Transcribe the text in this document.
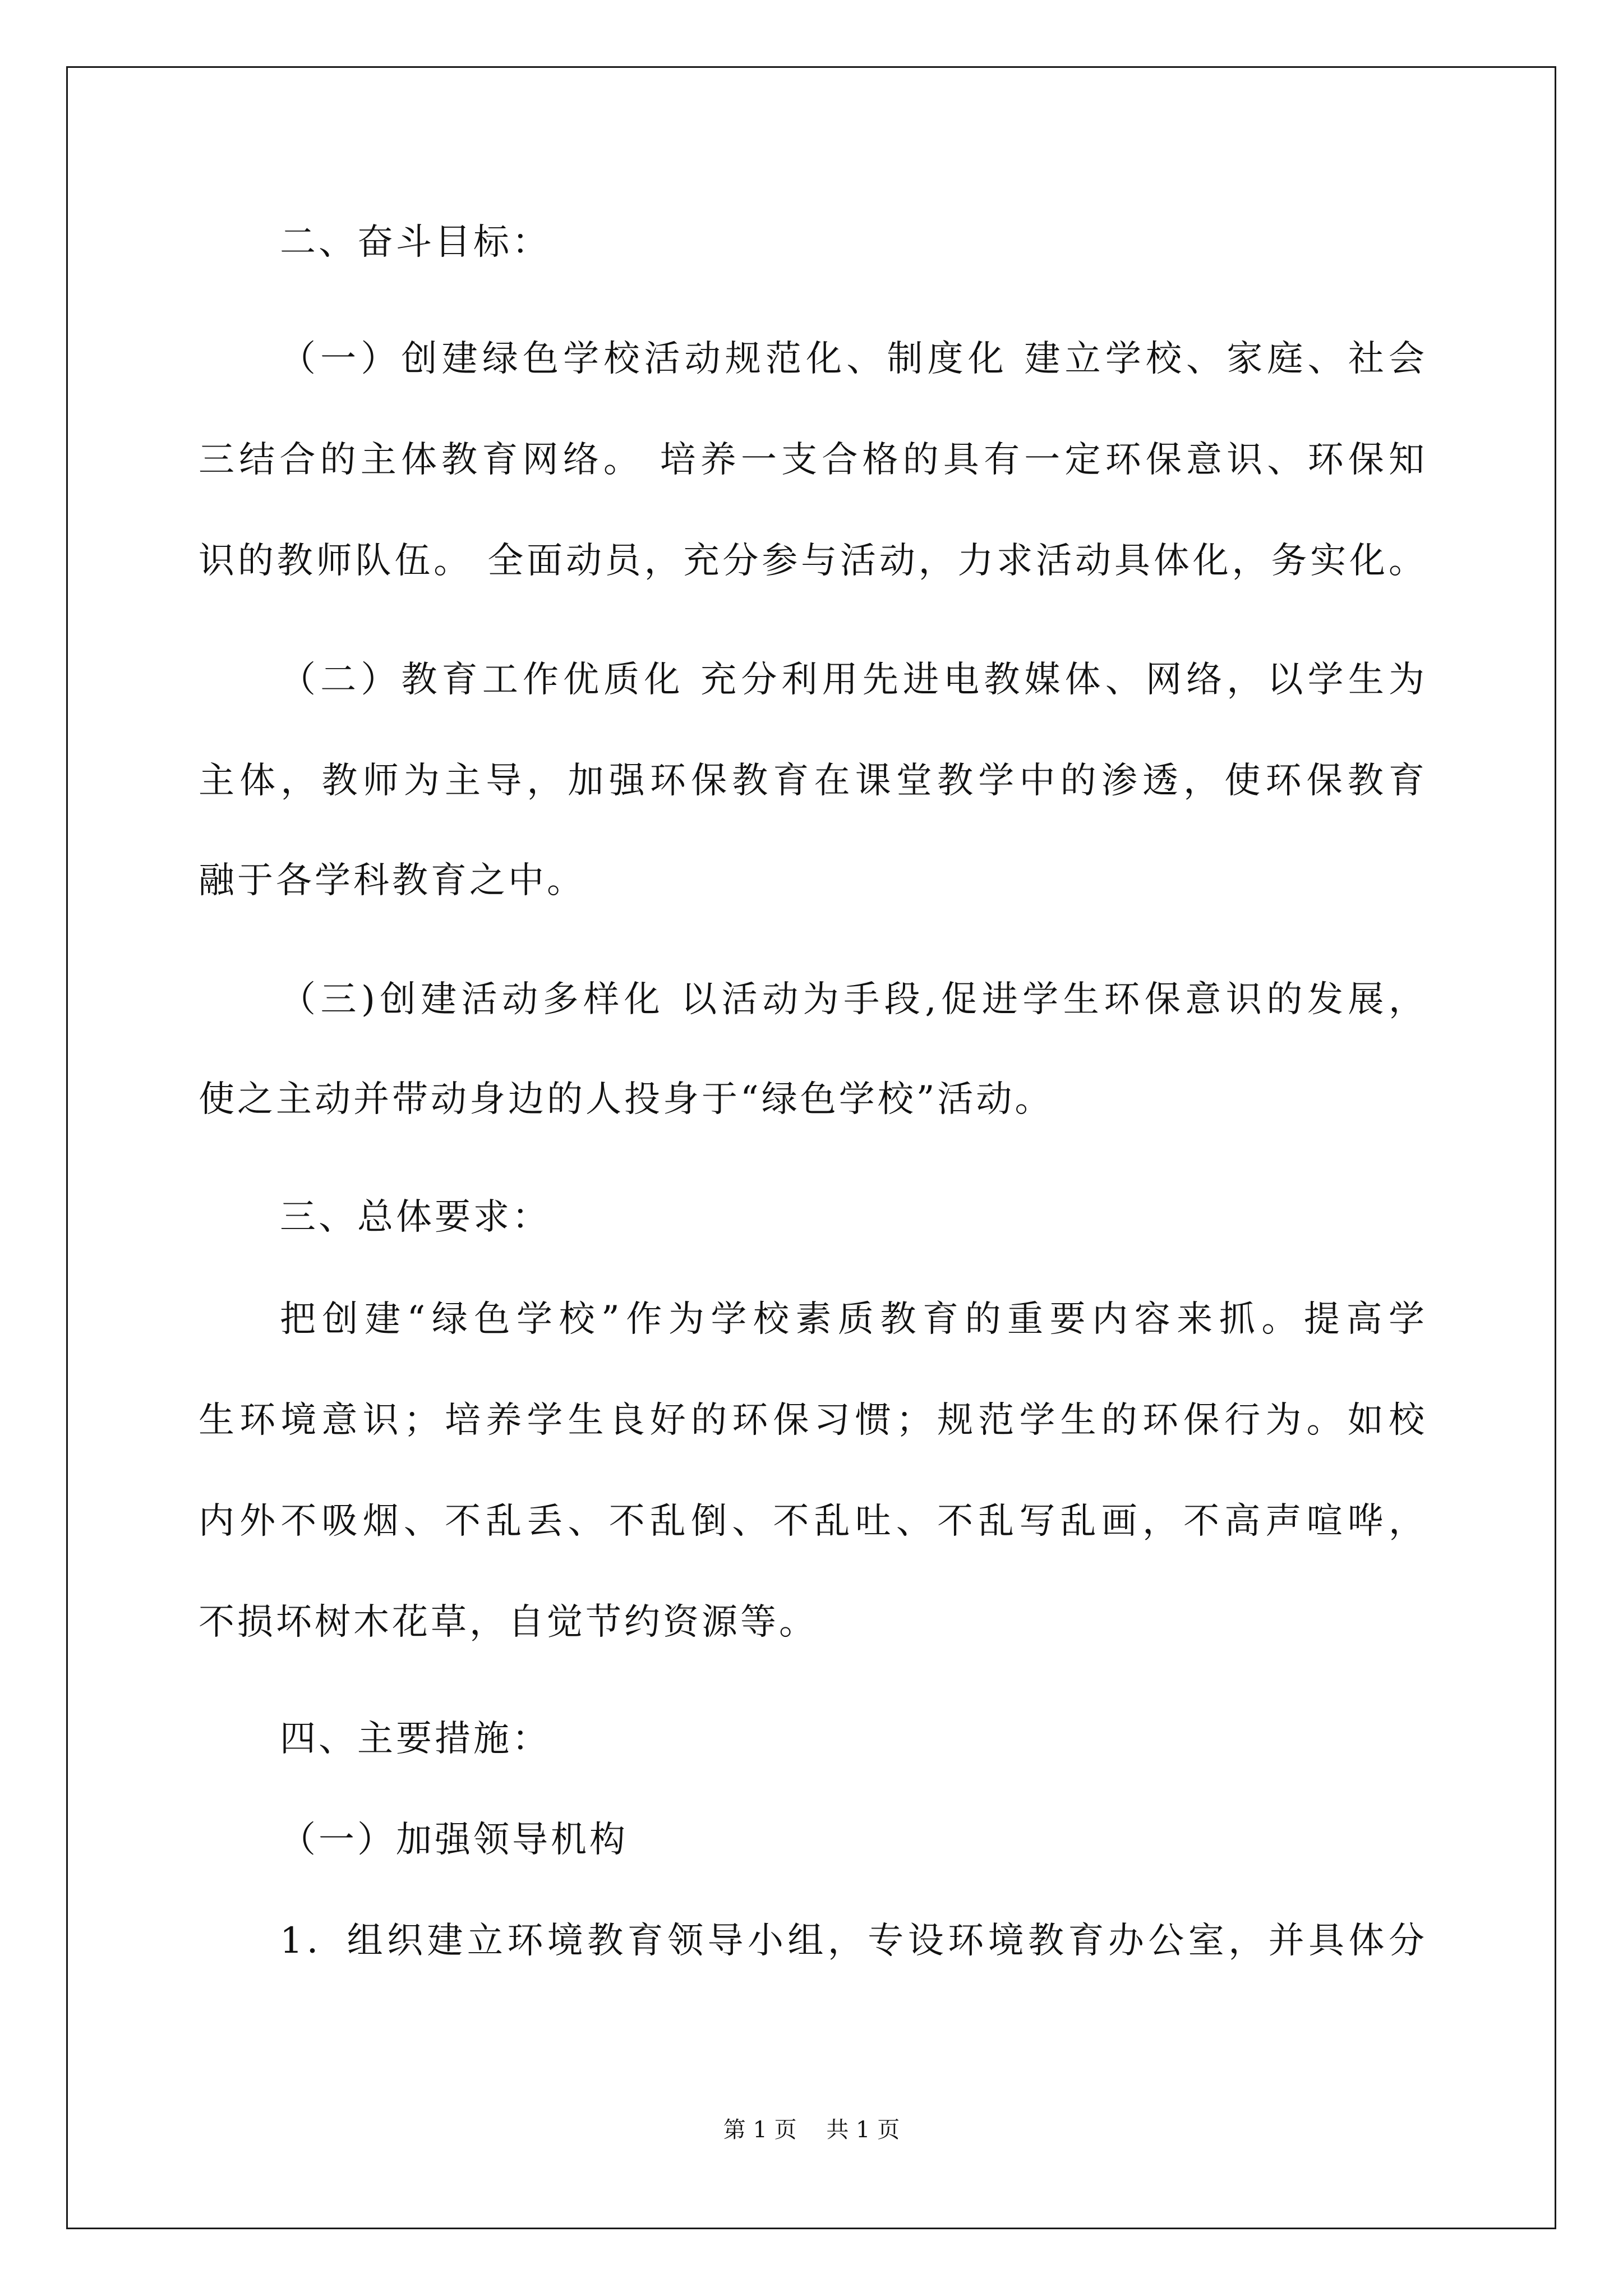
二、奋斗目标：
（一）创建绿色学校活动规范化、制度化 建立学校、家庭、社会
三结合的主体教育网络。 培养一支合格的具有一定环保意识、环保知
识的教师队伍。 全面动员，充分参与活动，力求活动具体化，务实化。
（二）教育工作优质化 充分利用先进电教媒体、网络，以学生为
主体，教师为主导，加强环保教育在课堂教学中的渗透，使环保教育
融于各学科教育之中。
（三)创建活动多样化 以活动为手段,促进学生环保意识的发展，
使之主动并带动身边的人投身于“绿色学校”活动。
三、总体要求：
把创建“绿色学校”作为学校素质教育的重要内容来抓。提高学
生环境意识；培养学生良好的环保习惯；规范学生的环保行为。如校
内外不吸烟、不乱丢、不乱倒、不乱吐、不乱写乱画，不高声喧哗，
不损坏树木花草，自觉节约资源等。
四、主要措施：
（一）加强领导机构
1．组织建立环境教育领导小组，专设环境教育办公室，并具体分
第 1 页　 共 1 页
